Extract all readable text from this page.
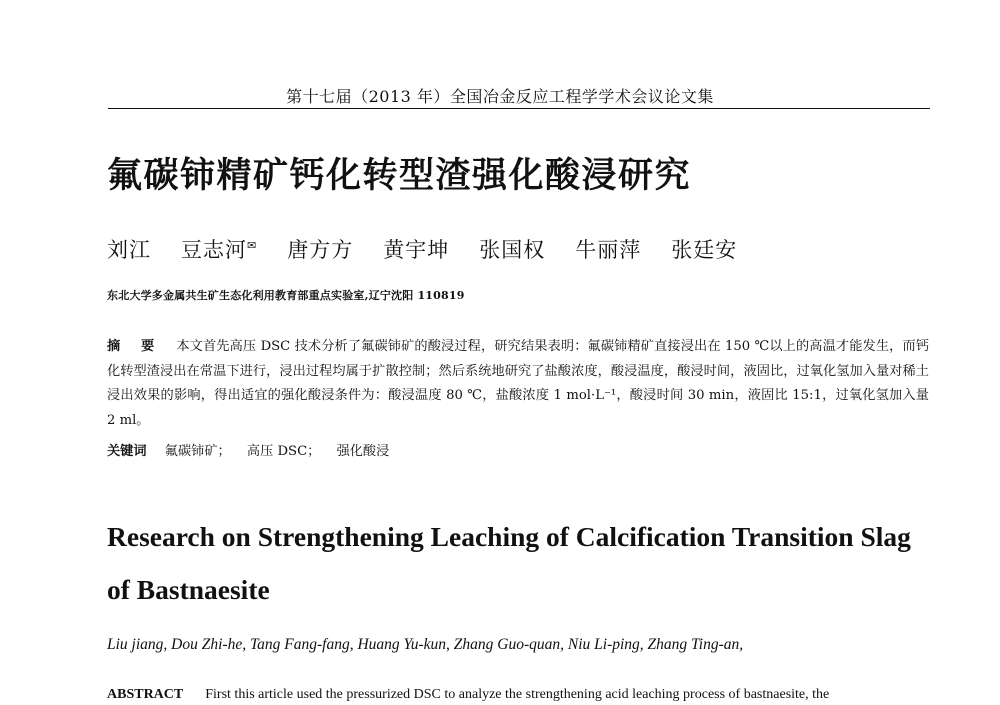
第十七届（2013 年）全国冶金反应工程学学术会议论文集
氟碳铈精矿钙化转型渣强化酸浸研究
刘江 豆志河✉ 唐方方 黄宇坤 张国权 牛丽萍 张廷安
东北大学多金属共生矿生态化利用教育部重点实验室,辽宁沈阳 110819
摘 要 本文首先高压 DSC 技术分析了氟碳铈矿的酸浸过程，研究结果表明：氟碳铈精矿直接浸出在 150 ℃以上的高温才能发生，而钙化转型渣浸出在常温下进行，浸出过程均属于扩散控制；然后系统地研究了盐酸浓度，酸浸温度，酸浸时间，液固比，过氧化氢加入量对稀土浸出效果的影响，得出适宜的强化酸浸条件为：酸浸温度 80 ℃，盐酸浓度 1 mol·L⁻¹，酸浸时间 30 min，液固比 15:1，过氧化氢加入量 2 ml。
关键词 氟碳铈矿； 高压 DSC； 强化酸浸
Research on Strengthening Leaching of Calcification Transition Slag of Bastnaesite
Liu jiang, Dou Zhi-he, Tang Fang-fang, Huang Yu-kun, Zhang Guo-quan, Niu Li-ping, Zhang Ting-an,
ABSTRACT First this article used the pressurized DSC to analyze the strengthening acid leaching process of bastnaesite, the
